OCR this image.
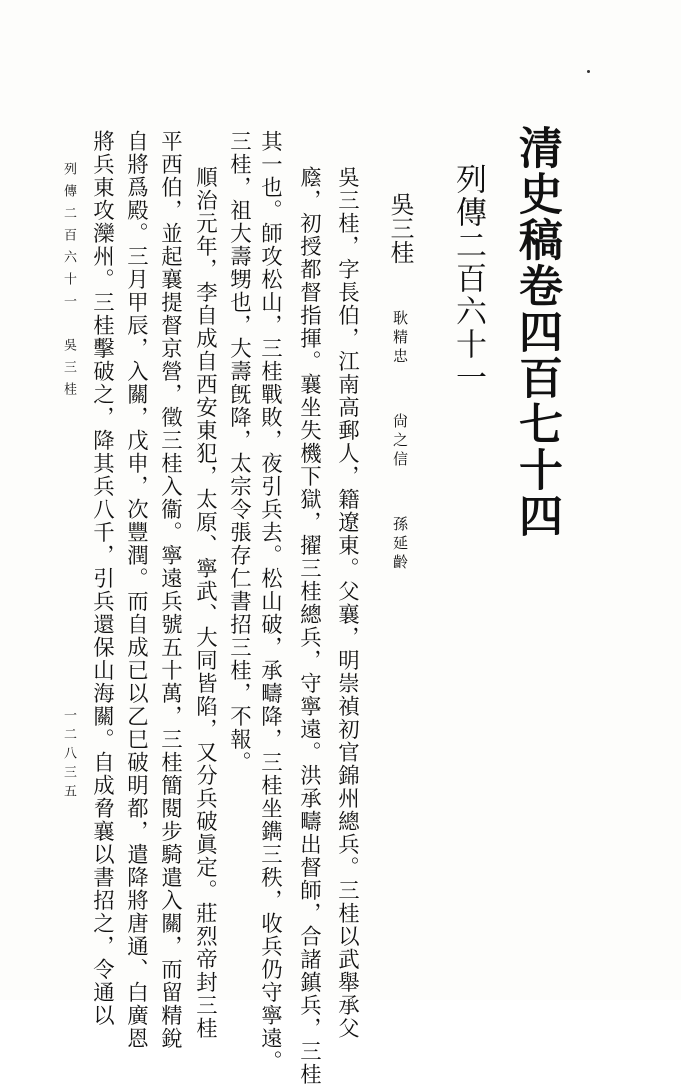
清史稿卷四百七十四
列傳二百六十一
吳三桂 耿精忠 尙之信 孫延齡
吳三桂，字長伯，江南高郵人，籍遼東。父襄，明崇禎初官錦州總兵。三桂以武舉承父
廕，初授都督指揮。襄坐失機下獄，擢三桂總兵，守寧遠。洪承疇出督師，合諸鎮兵，三桂
其一也。師攻松山，三桂戰敗，夜引兵去。松山破，承疇降，三桂坐鐫三秩，收兵仍守寧遠。
三桂，祖大壽甥也，大壽旣降，太宗令張存仁書招三桂，不報。
順治元年，李自成自西安東犯，太原、寧武、大同皆陷，又分兵破眞定。莊烈帝封三桂
平西伯，並起襄提督京營，徵三桂入衞。寧遠兵號五十萬，三桂簡閱步騎遣入關，而留精銳
自將爲殿。三月甲辰，入關，戊申，次豐潤。而自成已以乙巳破明都，遣降將唐通、白廣恩
將兵東攻灤州。三桂擊破之，降其兵八千，引兵還保山海關。自成脅襄以書招之，令通以
列傳二百六十一　吳三桂
一二八三五
